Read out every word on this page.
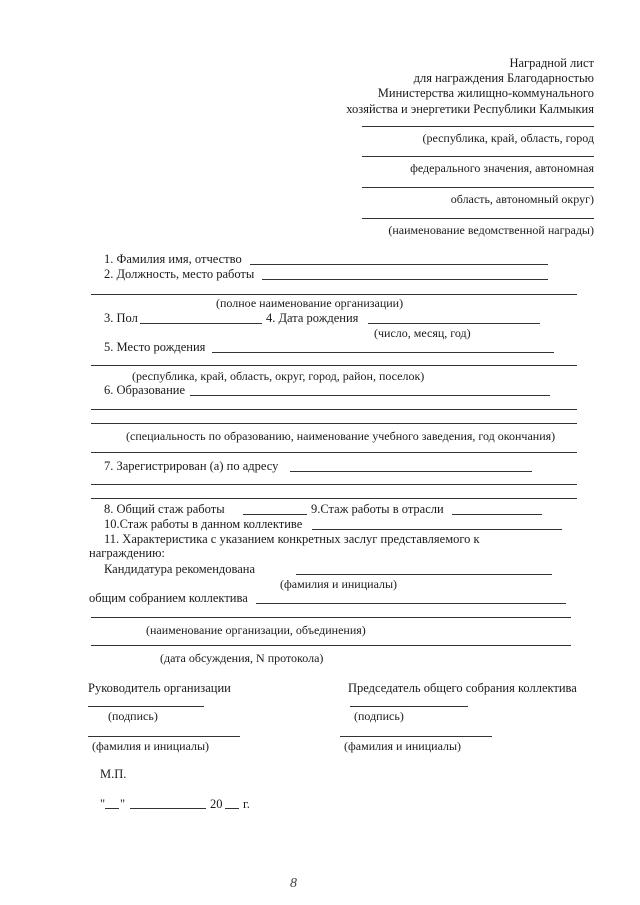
Наградной лист
для награждения Благодарностью
Министерства жилищно-коммунального
хозяйства и энергетики Республики Калмыкия
(республика, край, область, город
федерального значения, автономная
область, автономный округ)
(наименование ведомственной награды)
1. Фамилия имя, отчество
2. Должность, место работы
(полное наименование организации)
3. Пол	4. Дата рождения
(число, месяц, год)
5. Место рождения
(республика, край, область, округ, город, район, поселок)
6. Образование
(специальность по образованию, наименование учебного заведения, год окончания)
7. Зарегистрирован (а) по адресу
8. Общий стаж работы	9.Стаж работы в отрасли
10.Стаж работы в данном коллективе
11. Характеристика с указанием конкретных заслуг представляемого к
награждению:
Кандидатура рекомендована
(фамилия и инициалы)
общим собранием коллектива
(наименование организации, объединения)
(дата обсуждения, N протокола)
Руководитель организации	Председатель общего собрания коллектива
(подпись)	(подпись)
(фамилия и инициалы)	(фамилия и инициалы)
М.П.
" "	20 г.
8
